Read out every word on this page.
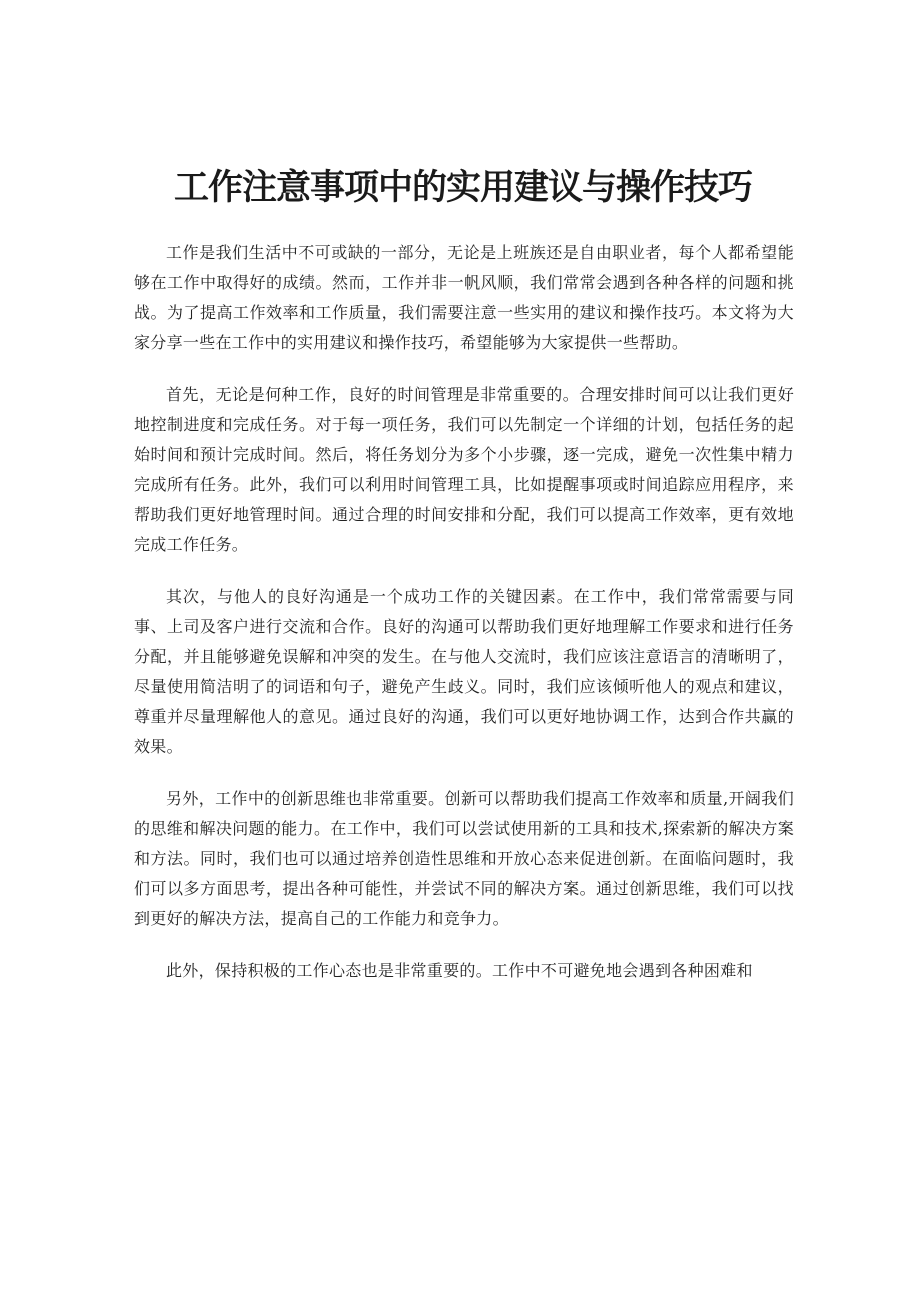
工作注意事项中的实用建议与操作技巧

工作是我们生活中不可或缺的一部分，无论是上班族还是自由职业者，每个人都希望能够在工作中取得好的成绩。然而，工作并非一帆风顺，我们常常会遇到各种各样的问题和挑战。为了提高工作效率和工作质量，我们需要注意一些实用的建议和操作技巧。本文将为大家分享一些在工作中的实用建议和操作技巧，希望能够为大家提供一些帮助。

首先，无论是何种工作，良好的时间管理是非常重要的。合理安排时间可以让我们更好地控制进度和完成任务。对于每一项任务，我们可以先制定一个详细的计划，包括任务的起始时间和预计完成时间。然后，将任务划分为多个小步骤，逐一完成，避免一次性集中精力完成所有任务。此外，我们可以利用时间管理工具，比如提醒事项或时间追踪应用程序，来帮助我们更好地管理时间。通过合理的时间安排和分配，我们可以提高工作效率，更有效地完成工作任务。

其次，与他人的良好沟通是一个成功工作的关键因素。在工作中，我们常常需要与同事、上司及客户进行交流和合作。良好的沟通可以帮助我们更好地理解工作要求和进行任务分配，并且能够避免误解和冲突的发生。在与他人交流时，我们应该注意语言的清晰明了，尽量使用简洁明了的词语和句子，避免产生歧义。同时，我们应该倾听他人的观点和建议，尊重并尽量理解他人的意见。通过良好的沟通，我们可以更好地协调工作，达到合作共赢的效果。

另外，工作中的创新思维也非常重要。创新可以帮助我们提高工作效率和质量,开阔我们的思维和解决问题的能力。在工作中，我们可以尝试使用新的工具和技术,探索新的解决方案和方法。同时，我们也可以通过培养创造性思维和开放心态来促进创新。在面临问题时，我们可以多方面思考，提出各种可能性，并尝试不同的解决方案。通过创新思维，我们可以找到更好的解决方法，提高自己的工作能力和竞争力。

此外，保持积极的工作心态也是非常重要的。工作中不可避免地会遇到各种困难和
